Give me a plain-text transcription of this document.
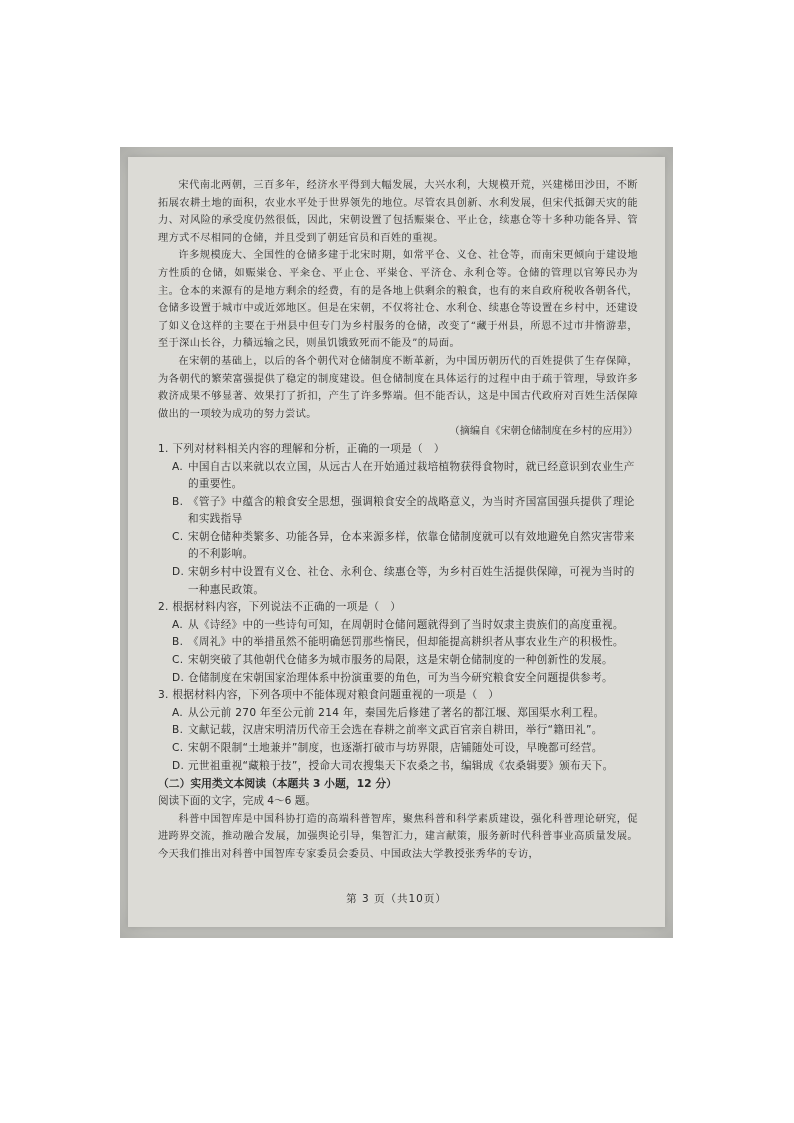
宋代南北两朝，三百多年，经济水平得到大幅发展，大兴水利，大规模开荒，兴建梯田沙田，不断拓展农耕土地的面积，农业水平处于世界领先的地位。尽管农具创新、水利发展，但宋代抵御天灾的能力、对风险的承受度仍然很低，因此，宋朝设置了包括赈粜仓、平止仓，续惠仓等十多种功能各异、管理方式不尽相同的仓储，并且受到了朝廷官员和百姓的重视。

许多规模庞大、全国性的仓储多建于北宋时期，如常平仓、义仓、社仓等，而南宋更倾向于建设地方性质的仓储，如赈粜仓、平籴仓、平止仓、平粜仓、平济仓、永利仓等。仓储的管理以官筹民办为主。仓本的来源有的是地方剩余的经费，有的是各地上供剩余的粮食，也有的来自政府税收各朝各代，仓储多设置于城市中或近郊地区。但是在宋朝，不仅将社仓、水利仓、续惠仓等设置在乡村中，还建设了如义仓这样的主要在于州县中但专门为乡村服务的仓储，改变了“藏于州县，所恩不过市井惰游辈，至于深山长谷，力穑远输之民，则虽饥饿致死而不能及”的局面。

在宋朝的基础上，以后的各个朝代对仓储制度不断革新，为中国历朝历代的百姓提供了生存保障，为各朝代的繁荣富强提供了稳定的制度建设。但仓储制度在具体运行的过程中由于疏于管理，导致许多救济成果不够显著、效果打了折扣，产生了许多弊端。但不能否认，这是中国古代政府对百姓生活保障做出的一项较为成功的努力尝试。

（摘编自《宋朝仓储制度在乡村的应用》）

1. 下列对材料相关内容的理解和分析，正确的一项是（　）

A. 中国自古以来就以农立国，从远古人在开始通过栽培植物获得食物时，就已经意识到农业生产的重要性。

B. 《管子》中蕴含的粮食安全思想，强调粮食安全的战略意义，为当时齐国富国强兵提供了理论和实践指导

C. 宋朝仓储种类繁多、功能各异，仓本来源多样，依靠仓储制度就可以有效地避免自然灾害带来的不利影响。

D. 宋朝乡村中设置有义仓、社仓、永利仓、续惠仓等，为乡村百姓生活提供保障，可视为当时的一种惠民政策。

2. 根据材料内容，下列说法不正确的一项是（　）

A. 从《诗经》中的一些诗句可知，在周朝时仓储问题就得到了当时奴隶主贵族们的高度重视。

B. 《周礼》中的举措虽然不能明确惩罚那些惰民，但却能提高耕织者从事农业生产的积极性。

C. 宋朝突破了其他朝代仓储多为城市服务的局限，这是宋朝仓储制度的一种创新性的发展。

D. 仓储制度在宋朝国家治理体系中扮演重要的角色，可为当今研究粮食安全问题提供参考。

3. 根据材料内容，下列各项中不能体现对粮食问题重视的一项是（　）

A. 从公元前 270 年至公元前 214 年，秦国先后修建了著名的都江堰、郑国渠水利工程。

B. 文献记载，汉唐宋明清历代帝王会选在春耕之前率文武百官亲自耕田，举行“籍田礼”。

C. 宋朝不限制“土地兼并”制度，也逐渐打破市与坊界限，店铺随处可设，早晚都可经营。

D. 元世祖重视“藏粮于技”，授命大司农搜集天下农桑之书，编辑成《农桑辑要》颁布天下。

（二）实用类文本阅读（本题共 3 小题，12 分）

阅读下面的文字，完成 4～6 题。

科普中国智库是中国科协打造的高端科普智库，聚焦科普和科学素质建设，强化科普理论研究，促进跨界交流，推动融合发展，加强舆论引导，集智汇力，建言献策，服务新时代科普事业高质量发展。今天我们推出对科普中国智库专家委员会委员、中国政法大学教授张秀华的专访，

第 3 页（共10页）
